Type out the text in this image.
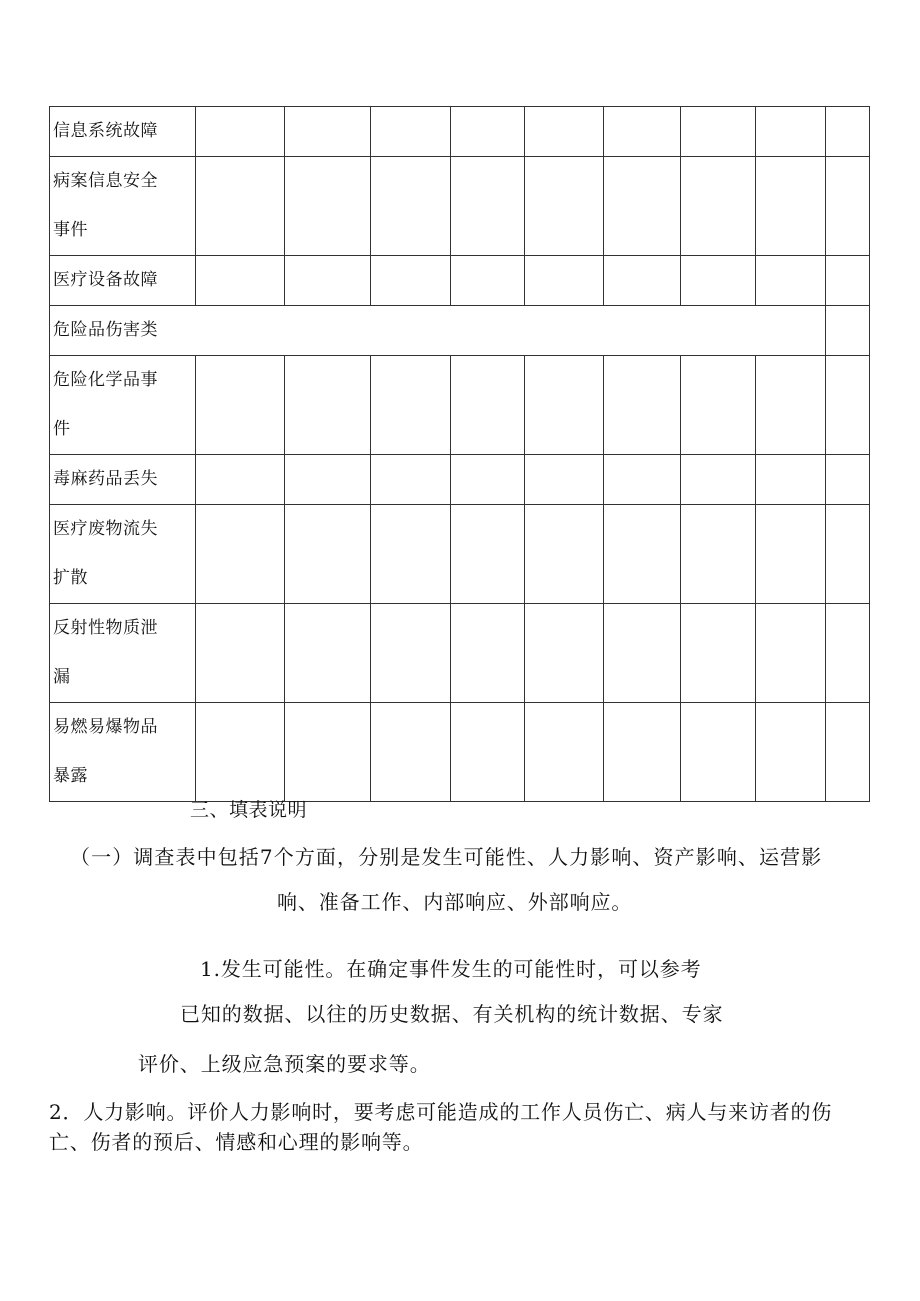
信息系统故障									

病案信息安全
事件									

医疗设备故障									

危险品伤害类									

危险化学品事
件									

毒麻药品丢失									

医疗废物流失
扩散									

反射性物质泄
漏									

易燃易爆物品
暴露									

三、填表说明
（一）调查表中包括7个方面，分别是发生可能性、人力影响、资产影响、运营影
响、准备工作、内部响应、外部响应。
1.发生可能性。在确定事件发生的可能性时，可以参考
已知的数据、以往的历史数据、有关机构的统计数据、专家
评价、上级应急预案的要求等。
2．人力影响。评价人力影响时，要考虑可能造成的工作人员伤亡、病人与来访者的伤亡、伤者的预后、情感和心理的影响等。
